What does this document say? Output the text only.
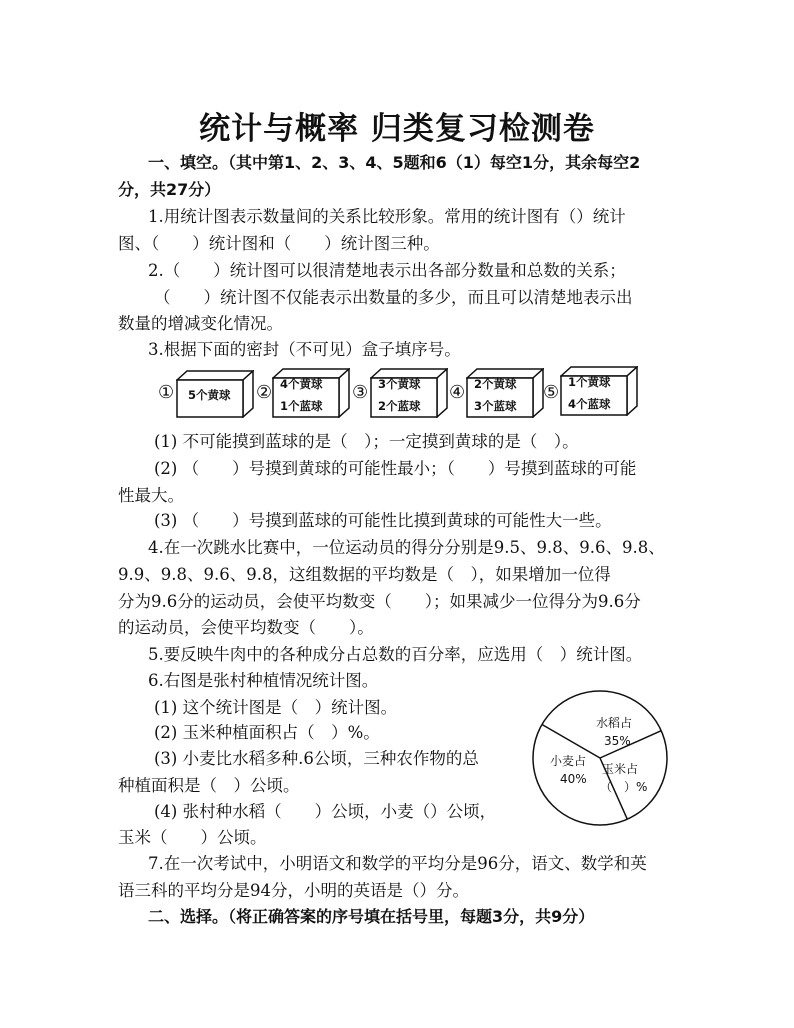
统计与概率 归类复习检测卷
一、填空。（其中第1、2、3、4、5题和6（1）每空1分，其余每空2
分，共27分）
1.用统计图表示数量间的关系比较形象。常用的统计图有（）统计
图、（　　）统计图和（　　）统计图三种。
2.（　　）统计图可以很清楚地表示出各部分数量和总数的关系；
（　　）统计图不仅能表示出数量的多少，而且可以清楚地表示出
数量的增减变化情况。
3.根据下面的密封（不可见）盒子填序号。
① 5个黄球 ② 4个黄球
1个蓝球
③ 3个黄球
2个蓝球
④ 2个黄球
3个蓝球
⑤ 1个黄球
4个蓝球
(1) 不可能摸到蓝球的是（　）；一定摸到黄球的是（　）。
(2) （　　）号摸到黄球的可能性最小；（　　）号摸到蓝球的可能
性最大。
(3) （　　）号摸到蓝球的可能性比摸到黄球的可能性大一些。
4.在一次跳水比赛中，一位运动员的得分分别是9.5、9.8、9.6、9.8、
9.9、9.8、9.6、9.8，这组数据的平均数是（　），如果增加一位得
分为9.6分的运动员，会使平均数变（　　）；如果减少一位得分为9.6分
的运动员，会使平均数变（　　）。
5.要反映牛肉中的各种成分占总数的百分率，应选用（　）统计图。
6.右图是张村种植情况统计图。
(1) 这个统计图是（　）统计图。
(2) 玉米种植面积占（　）%。
(3) 小麦比水稻多种.6公顷，三种农作物的总
种植面积是（　）公顷。
(4) 张村种水稻（　　）公顷，小麦（）公顷，
玉米（　　）公顷。
水稻占
35%
小麦占
40%
玉米占
（　）%
7.在一次考试中，小明语文和数学的平均分是96分，语文、数学和英
语三科的平均分是94分，小明的英语是（）分。
二、选择。（将正确答案的序号填在括号里，每题3分，共9分）
